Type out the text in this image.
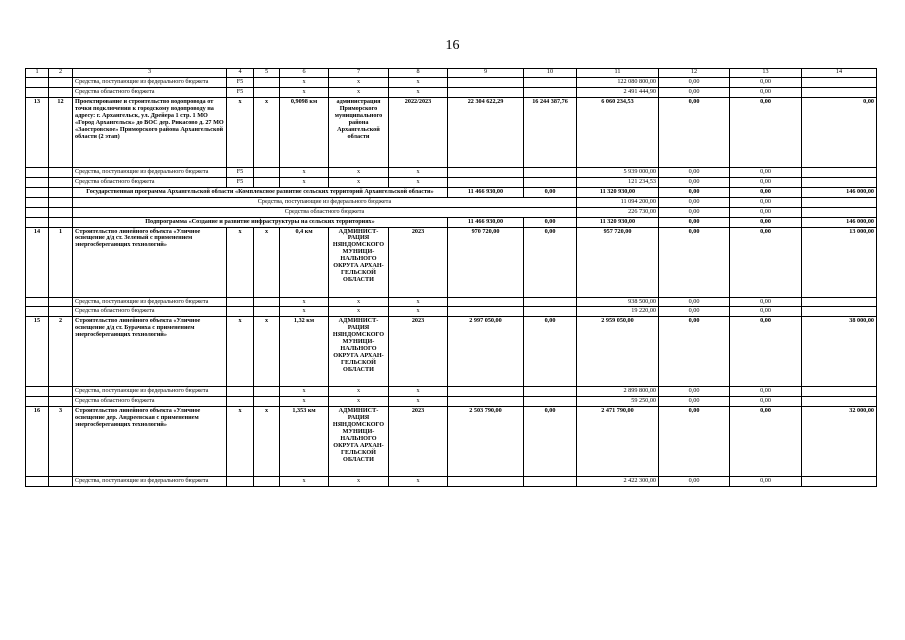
16
1	2	3	4	5	6	7	8	9	10	11	12	13	14
		Средства, поступающие из федерального бюджета	F5		х	х	х			122 080 800,00	0,00	0,00	
		Средства областного бюджета	F5		х	х	х			2 491 444,90	0,00	0,00	
13	12	Проектирование и строительство водопровода от точки подключения к городскому водопроводу на адресу: г. Архангельск, ул. Дрейера 1 стр. 1 МО «Город Архангельск» до ВОС дер. Рикасово д. 27 МО «Заостровское» Приморского района Архангельской области (2 этап)	х	х	0,9098 км	администрация Приморского муниципального района Архангельской области	2022/2023	22 304 622,29	16 244 387,76	6 060 234,53	0,00	0,00	0,00
		Средства, поступающие из федерального бюджета	F5		х	х	х			5 939 000,00	0,00	0,00	
		Средства областного бюджета	F5		х	х	х			121 234,53	0,00	0,00	
		Государственная программа Архангельской области «Комплексное развитие сельских территорий Архангельской области»						11 466 930,00	0,00	11 320 930,00	0,00	0,00	146 000,00
		Средства, поступающие из федерального бюджета								11 094 200,00	0,00	0,00	
		Средства областного бюджета								226 730,00	0,00	0,00	
		Подпрограмма «Создание и развитие инфраструктуры на сельских территориях»						11 466 930,00	0,00	11 320 930,00	0,00	0,00	146 000,00
14	1	Строительство линейного объекта «Уличное освещение д/д ст. Зеленый с применением энергосберегающих технологий»	х	х	0,4 км	АДМИНИСТ-РАЦИЯ НЯНДОМСКОГО МУНИЦИ-НАЛЬНОГО ОКРУГА АРХАН-ГЕЛЬСКОЙ ОБЛАСТИ	2023	970 720,00	0,00	957 720,00	0,00	0,00	13 000,00
		Средства, поступающие из федерального бюджета			х	х	х			938 500,00	0,00	0,00	
		Средства областного бюджета			х	х	х			19 220,00	0,00	0,00	
15	2	Строительство линейного объекта «Уличное освещение д/д ст. Бурачиха с применением энергосберегающих технологий»	х	х	1,32 км	АДМИНИСТ-РАЦИЯ НЯНДОМСКОГО МУНИЦИ-НАЛЬНОГО ОКРУГА АРХАН-ГЕЛЬСКОЙ ОБЛАСТИ	2023	2 997 050,00	0,00	2 959 050,00	0,00	0,00	38 000,00
		Средства, поступающие из федерального бюджета			х	х	х			2 899 800,00	0,00	0,00	
		Средства областного бюджета			х	х	х			59 250,00	0,00	0,00	
16	3	Строительство линейного объекта «Уличное освещение дер. Андреевская с применением энергосберегающих технологий»	х	х	1,353 км	АДМИНИСТ-РАЦИЯ НЯНДОМСКОГО МУНИЦИ-НАЛЬНОГО ОКРУГА АРХАН-ГЕЛЬСКОЙ ОБЛАСТИ	2023	2 503 790,00	0,00	2 471 790,00	0,00	0,00	32 000,00
		Средства, поступающие из федерального бюджета			х	х	х			2 422 300,00	0,00	0,00	
